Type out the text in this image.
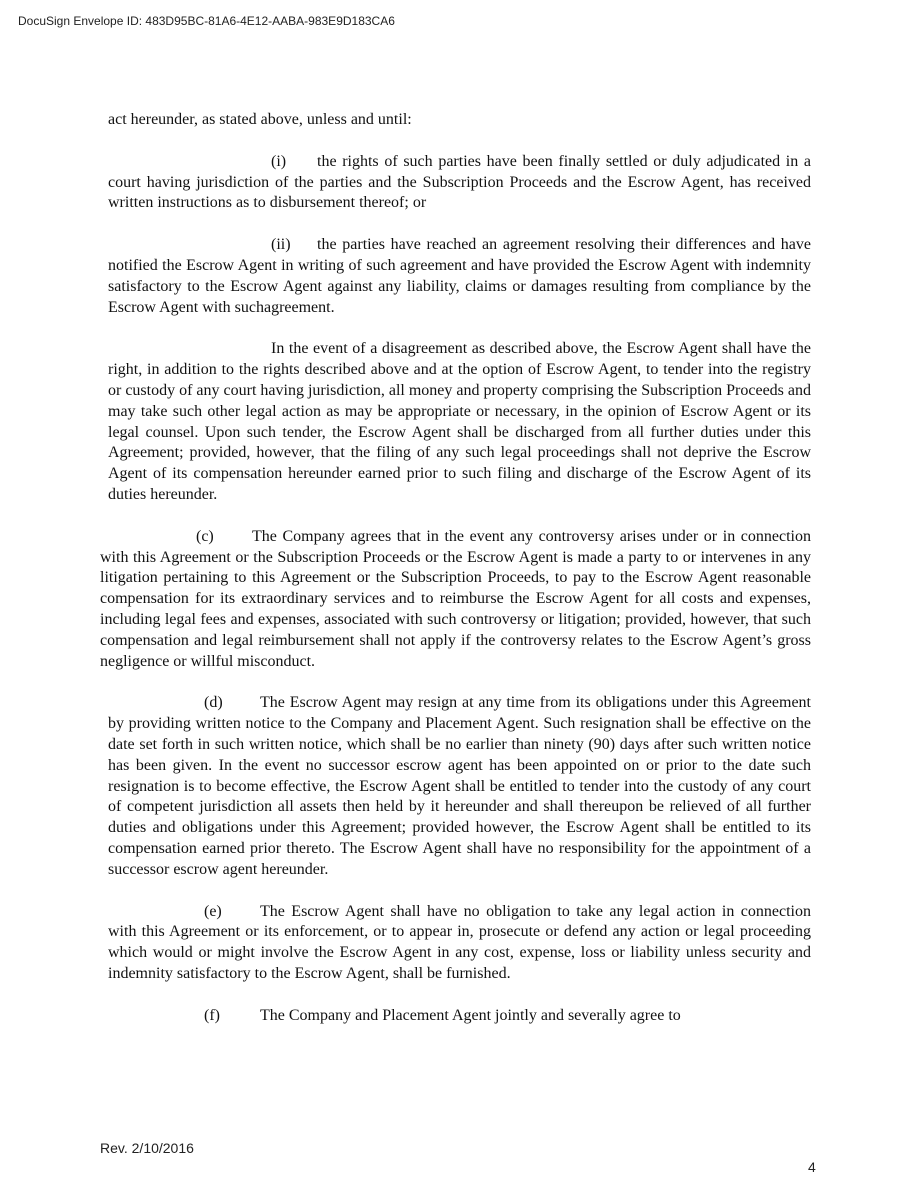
DocuSign Envelope ID: 483D95BC-81A6-4E12-AABA-983E9D183CA6

act hereunder, as stated above, unless and until:

(i) the rights of such parties have been finally settled or duly adjudicated in a court having jurisdiction of the parties and the Subscription Proceeds and the Escrow Agent, has received written instructions as to disbursement thereof; or

(ii) the parties have reached an agreement resolving their differences and have notified the Escrow Agent in writing of such agreement and have provided the Escrow Agent with indemnity satisfactory to the Escrow Agent against any liability, claims or damages resulting from compliance by the Escrow Agent with suchagreement.

In the event of a disagreement as described above, the Escrow Agent shall have the right, in addition to the rights described above and at the option of Escrow Agent, to tender into the registry or custody of any court having jurisdiction, all money and property comprising the Subscription Proceeds and may take such other legal action as may be appropriate or necessary, in the opinion of Escrow Agent or its legal counsel. Upon such tender, the Escrow Agent shall be discharged from all further duties under this Agreement; provided, however, that the filing of any such legal proceedings shall not deprive the Escrow Agent of its compensation hereunder earned prior to such filing and discharge of the Escrow Agent of its duties hereunder.

(c) The Company agrees that in the event any controversy arises under or in connection with this Agreement or the Subscription Proceeds or the Escrow Agent is made a party to or intervenes in any litigation pertaining to this Agreement or the Subscription Proceeds, to pay to the Escrow Agent reasonable compensation for its extraordinary services and to reimburse the Escrow Agent for all costs and expenses, including legal fees and expenses, associated with such controversy or litigation; provided, however, that such compensation and legal reimbursement shall not apply if the controversy relates to the Escrow Agent’s gross negligence or willful misconduct.

(d) The Escrow Agent may resign at any time from its obligations under this Agreement by providing written notice to the Company and Placement Agent. Such resignation shall be effective on the date set forth in such written notice, which shall be no earlier than ninety (90) days after such written notice has been given. In the event no successor escrow agent has been appointed on or prior to the date such resignation is to become effective, the Escrow Agent shall be entitled to tender into the custody of any court of competent jurisdiction all assets then held by it hereunder and shall thereupon be relieved of all further duties and obligations under this Agreement; provided however, the Escrow Agent shall be entitled to its compensation earned prior thereto. The Escrow Agent shall have no responsibility for the appointment of a successor escrow agent hereunder.

(e) The Escrow Agent shall have no obligation to take any legal action in connection with this Agreement or its enforcement, or to appear in, prosecute or defend any action or legal proceeding which would or might involve the Escrow Agent in any cost, expense, loss or liability unless security and indemnity satisfactory to the Escrow Agent, shall be furnished.

(f)	The Company and Placement Agent jointly and severally agree to

Rev. 2/10/2016
4
